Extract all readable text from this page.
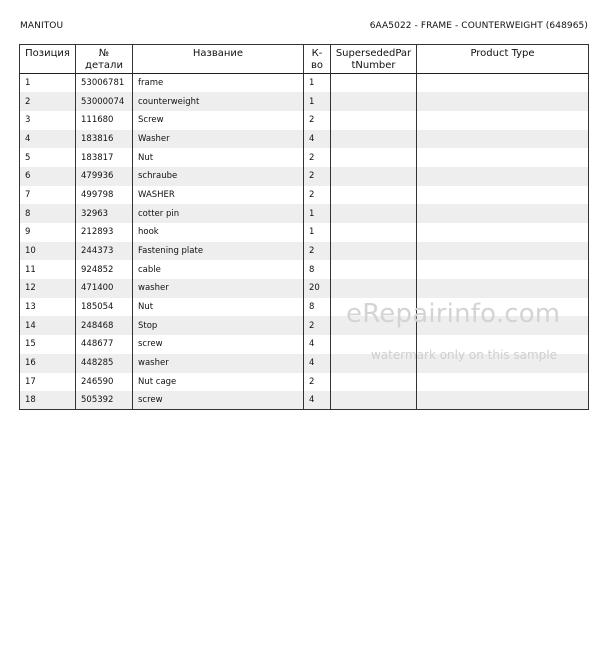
MANITOU	6AA5022 - FRAME - COUNTERWEIGHT (648965)
Позиция	№ детали	Название	К-во	SupersededPartNumber	Product Type
1	53006781	frame	1		
2	53000074	counterweight	1		
3	111680	Screw	2		
4	183816	Washer	4		
5	183817	Nut	2		
6	479936	schraube	2		
7	499798	WASHER	2		
8	32963	cotter pin	1		
9	212893	hook	1		
10	244373	Fastening plate	2		
11	924852	cable	8		
12	471400	washer	20		
13	185054	Nut	8		
14	248468	Stop	2		
15	448677	screw	4		
16	448285	washer	4		
17	246590	Nut cage	2		
18	505392	screw	4		
eRepairinfo.com
watermark only on this sample
